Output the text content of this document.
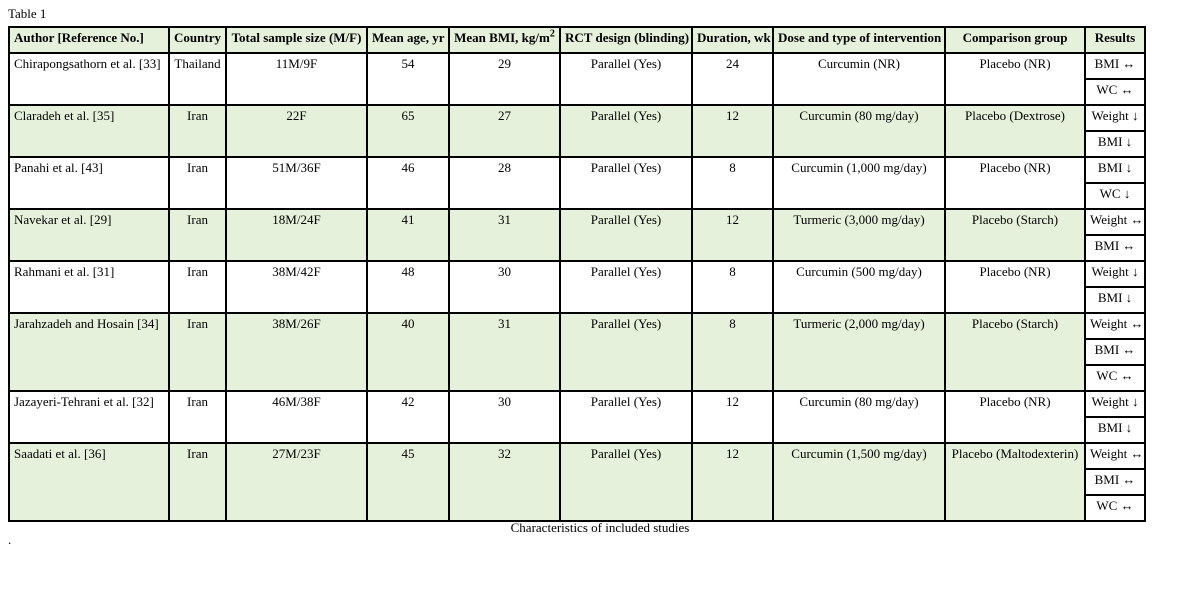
Table 1
Author [Reference No.]	Country	Total sample size (M/F)	Mean age, yr	Mean BMI, $kg/m^2$	RCT design (blinding)	Duration, wk	Dose and type of intervention	Comparison group	Results
Chirapongsathorn et al. [33]	Thailand	11M/9F	54	29	Parallel (Yes)	24	Curcumin (NR)	Placebo (NR)	BMI ↔
									WC ↔
Claradeh et al. [35]	Iran	22F	65	27	Parallel (Yes)	12	Curcumin (80 mg/day)	Placebo (Dextrose)	Weight ↓
									BMI ↓
Panahi et al. [43]	Iran	51M/36F	46	28	Parallel (Yes)	8	Curcumin (1,000 mg/day)	Placebo (NR)	BMI ↓
									WC ↓
Navekar et al. [29]	Iran	18M/24F	41	31	Parallel (Yes)	12	Turmeric (3,000 mg/day)	Placebo (Starch)	Weight ↔
									BMI ↔
Rahmani et al. [31]	Iran	38M/42F	48	30	Parallel (Yes)	8	Curcumin (500 mg/day)	Placebo (NR)	Weight ↓
									BMI ↓
Jarahzadeh and Hosain [34]	Iran	38M/26F	40	31	Parallel (Yes)	8	Turmeric (2,000 mg/day)	Placebo (Starch)	Weight ↔
									BMI ↔
									WC ↔
Jazayeri-Tehrani et al. [32]	Iran	46M/38F	42	30	Parallel (Yes)	12	Curcumin (80 mg/day)	Placebo (NR)	Weight ↓
									BMI ↓
Saadati et al. [36]	Iran	27M/23F	45	32	Parallel (Yes)	12	Curcumin (1,500 mg/day)	Placebo (Maltodexterin)	Weight ↔
									BMI ↔
									WC ↔
Characteristics of included studies
.
